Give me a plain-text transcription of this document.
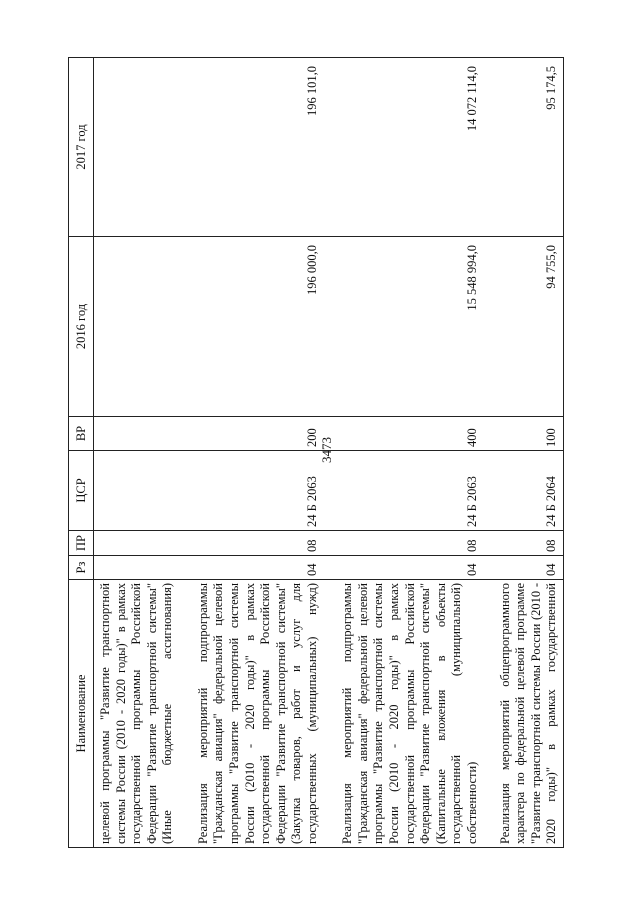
3473
Наименование	Рз	ПР	ЦСР	ВР	2016 год	2017 год
целевой программы "Развитие транспортной системы России (2010 - 2020 годы)" в рамках государственной программы Российской Федерации "Развитие транспортной системы" (Иные бюджетные ассигнования)						
Реализация мероприятий подпрограммы "Гражданская авиация" федеральной целевой программы "Развитие транспортной системы России (2010 - 2020 годы)" в рамках государственной программы Российской Федерации "Развитие транспортной системы" (Закупка товаров, работ и услуг для государственных (муниципальных) нужд)	04	08	24 Б 2063	200	196 000,0	196 101,0
Реализация мероприятий подпрограммы "Гражданская авиация" федеральной целевой программы "Развитие транспортной системы России (2010 - 2020 годы)" в рамках государственной программы Российской Федерации "Развитие транспортной системы" (Капитальные вложения в объекты государственной (муниципальной) собственности)	04	08	24 Б 2063	400	15 548 994,0	14 072 114,0
Реализация мероприятий общепрограммного характера по федеральной целевой программе "Развитие транспортной системы России (2010 - 2020 годы)" в рамках государственной	04	08	24 Б 2064	100	94 755,0	95 174,5
